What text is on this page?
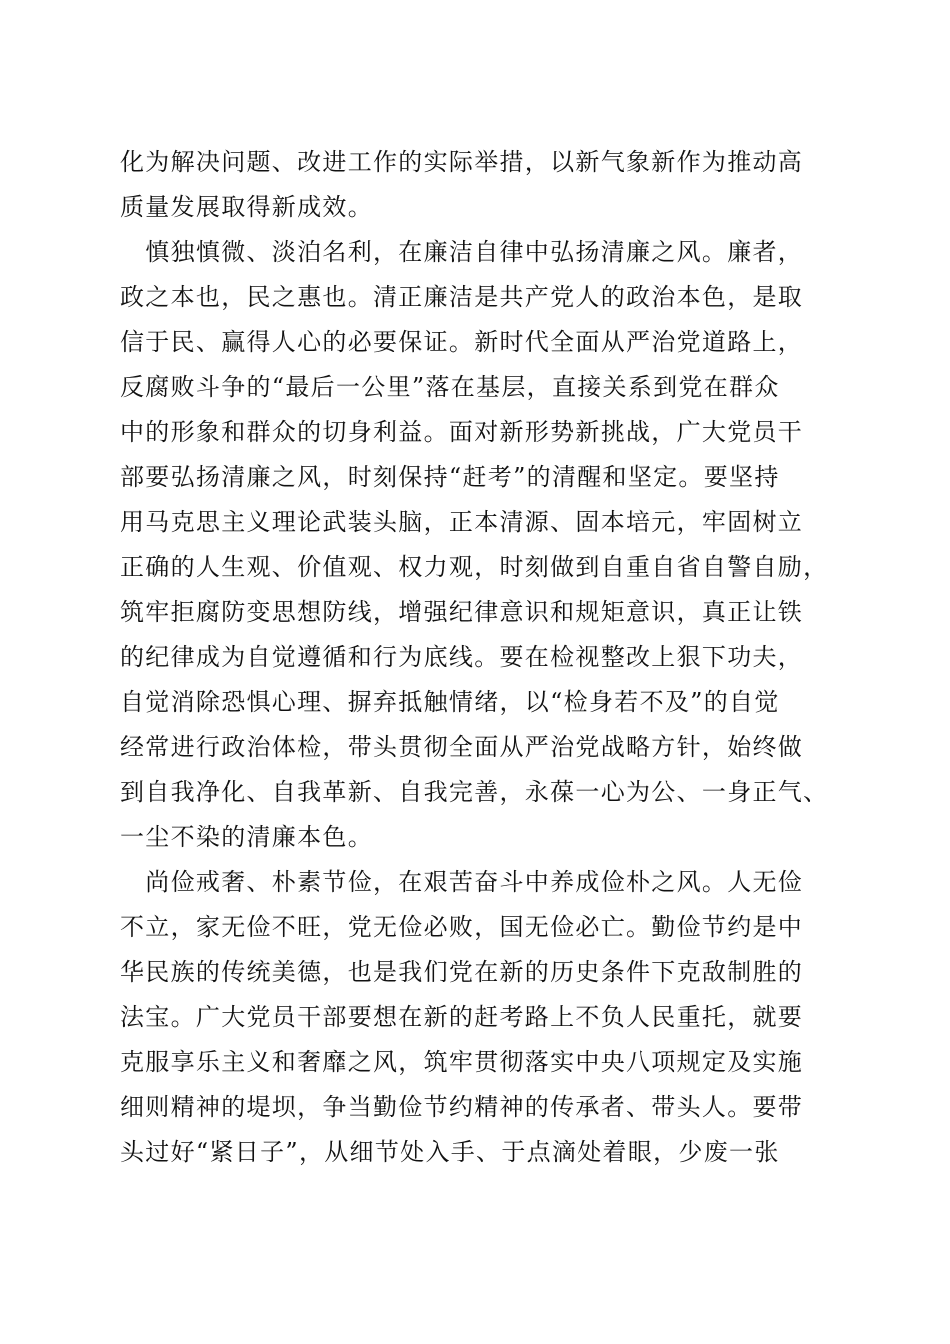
化为解决问题、改进工作的实际举措，以新气象新作为推动高
质量发展取得新成效。
　慎独慎微、淡泊名利，在廉洁自律中弘扬清廉之风。廉者，
政之本也，民之惠也。清正廉洁是共产党人的政治本色，是取
信于民、赢得人心的必要保证。新时代全面从严治党道路上，
反腐败斗争的“最后一公里”落在基层，直接关系到党在群众
中的形象和群众的切身利益。面对新形势新挑战，广大党员干
部要弘扬清廉之风，时刻保持“赶考”的清醒和坚定。要坚持
用马克思主义理论武装头脑，正本清源、固本培元，牢固树立
正确的人生观、价值观、权力观，时刻做到自重自省自警自励，
筑牢拒腐防变思想防线，增强纪律意识和规矩意识，真正让铁
的纪律成为自觉遵循和行为底线。要在检视整改上狠下功夫，
自觉消除恐惧心理、摒弃抵触情绪，以“检身若不及”的自觉
经常进行政治体检，带头贯彻全面从严治党战略方针，始终做
到自我净化、自我革新、自我完善，永葆一心为公、一身正气、
一尘不染的清廉本色。
　尚俭戒奢、朴素节俭，在艰苦奋斗中养成俭朴之风。人无俭
不立，家无俭不旺，党无俭必败，国无俭必亡。勤俭节约是中
华民族的传统美德，也是我们党在新的历史条件下克敌制胜的
法宝。广大党员干部要想在新的赶考路上不负人民重托，就要
克服享乐主义和奢靡之风，筑牢贯彻落实中央八项规定及实施
细则精神的堤坝，争当勤俭节约精神的传承者、带头人。要带
头过好“紧日子”，从细节处入手、于点滴处着眼，少废一张
